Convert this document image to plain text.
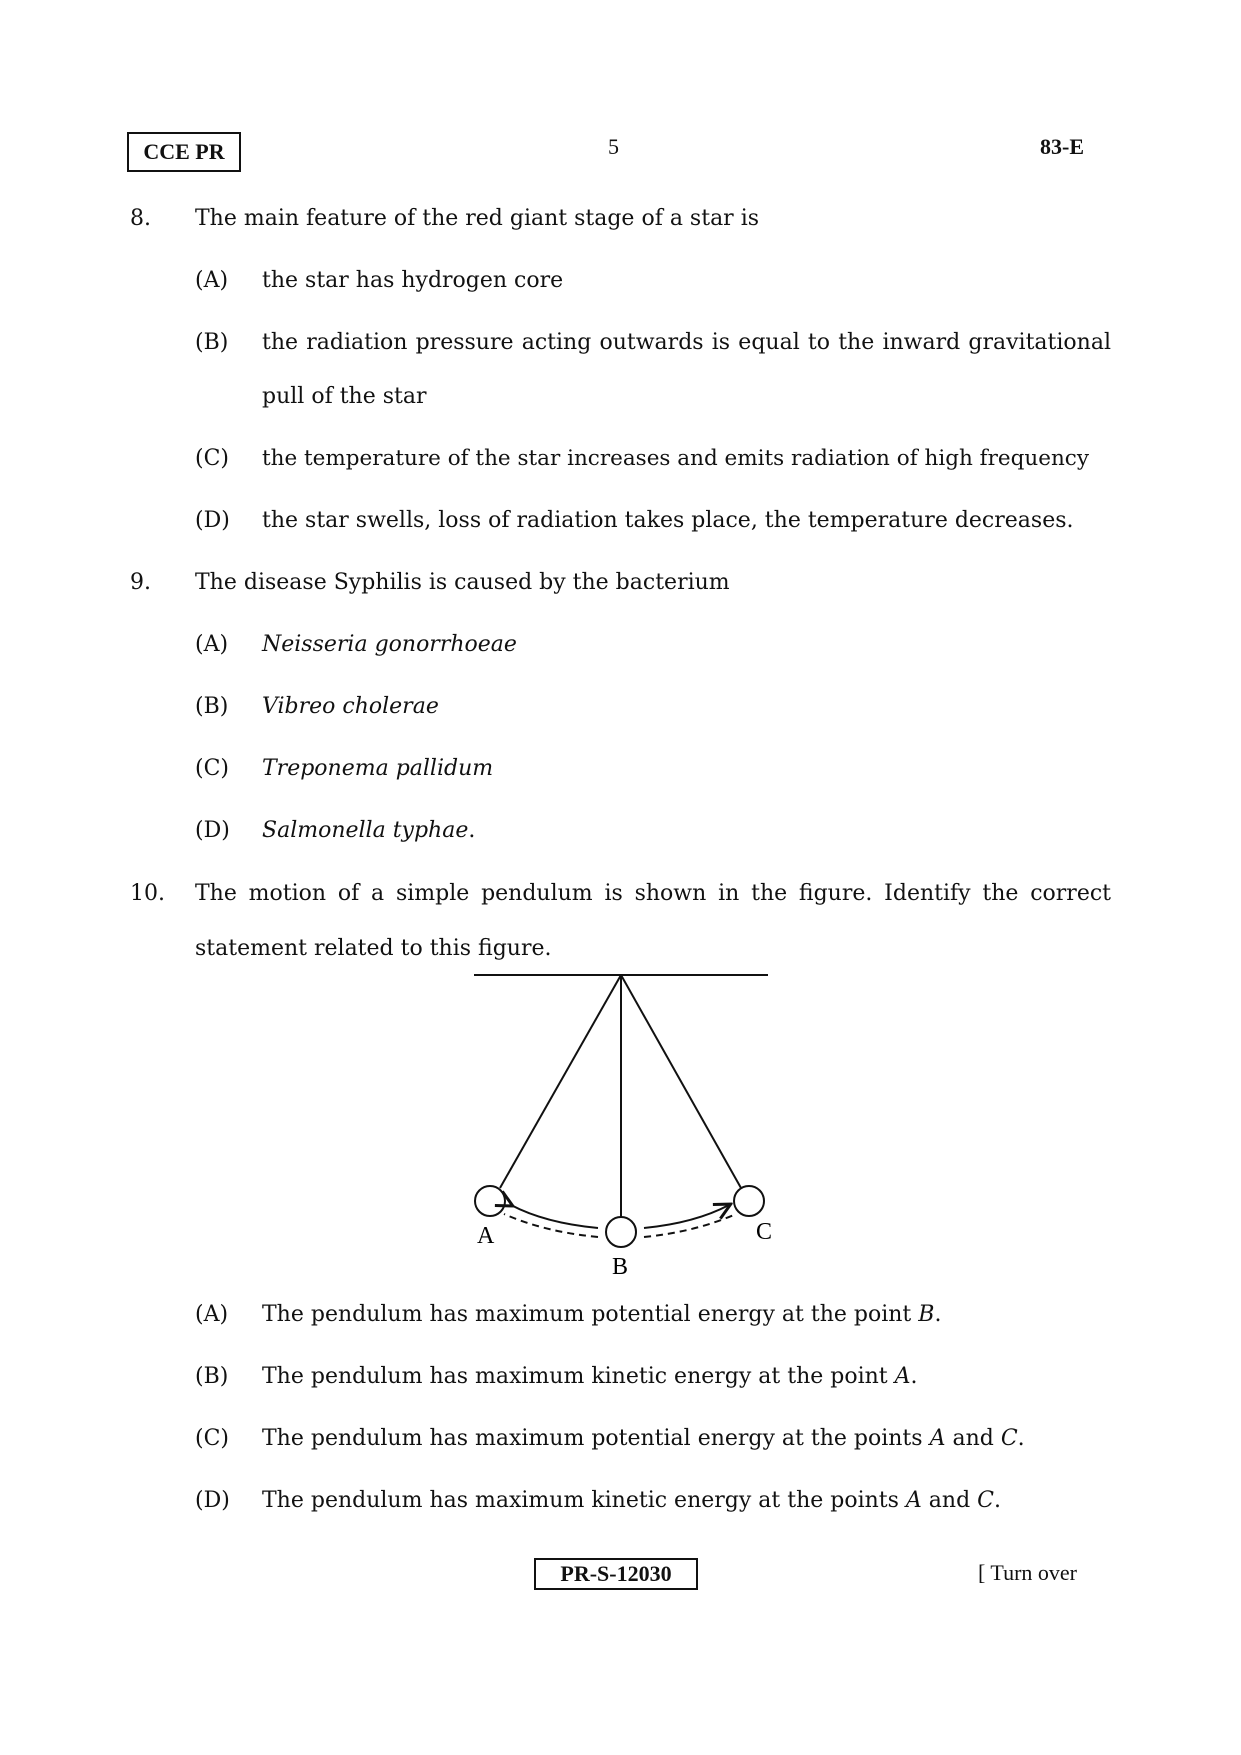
CCE PR	5	83-E
8. The main feature of the red giant stage of a star is
(A) the star has hydrogen core
(B) the radiation pressure acting outwards is equal to the inward gravitational
pull of the star
(C) the temperature of the star increases and emits radiation of high frequency
(D) the star swells, loss of radiation takes place, the temperature decreases.
9. The disease Syphilis is caused by the bacterium
(A) Neisseria gonorrhoeae
(B) Vibreo cholerae
(C) Treponema pallidum
(D) Salmonella typhae.
10. The motion of a simple pendulum is shown in the figure. Identify the correct
statement related to this figure.
A
B
C
(A) The pendulum has maximum potential energy at the point B.
(B) The pendulum has maximum kinetic energy at the point A.
(C) The pendulum has maximum potential energy at the points A and C.
(D) The pendulum has maximum kinetic energy at the points A and C.
PR-S-12030	[ Turn over
